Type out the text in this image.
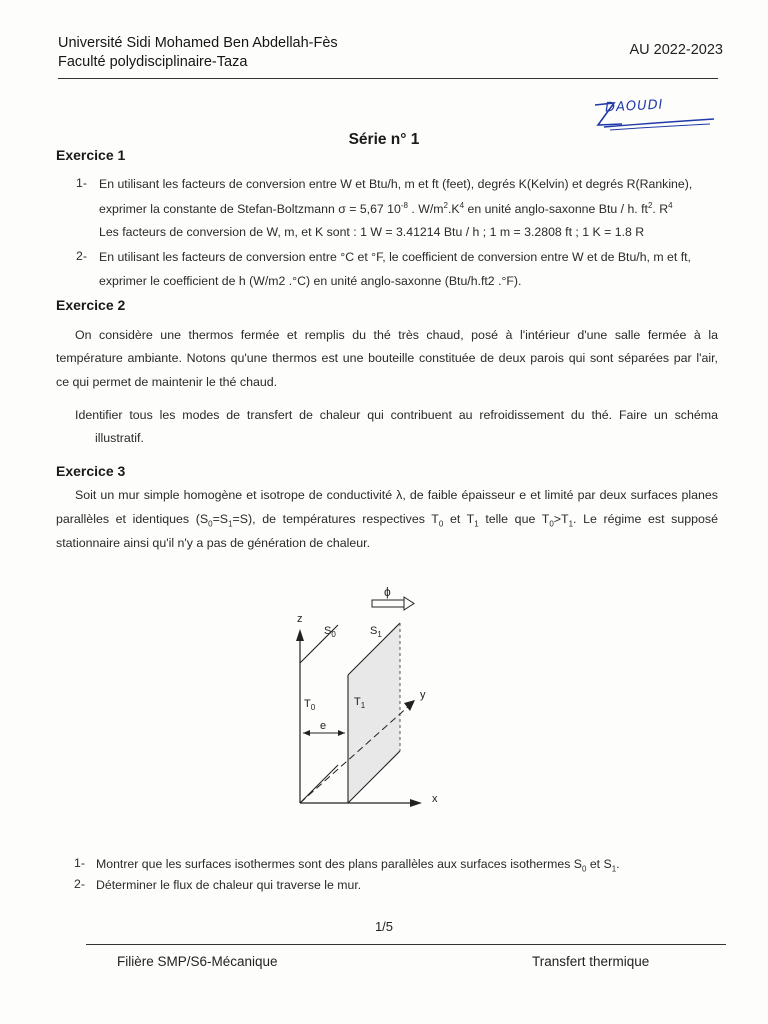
Université Sidi Mohamed Ben Abdellah-Fès
Faculté polydisciplinaire-Taza
AU 2022-2023
DAOUDI
Série n° 1
Exercice 1
1- En utilisant les facteurs de conversion entre W et Btu/h, m et ft (feet), degrés K(Kelvin) et degrés R(Rankine),
exprimer la constante de Stefan-Boltzmann σ = 5,67 $10^{-8}$ . $W/m^2.K^4$ en unité anglo-saxonne Btu / h. $ft^2$. $R^4$
Les facteurs de conversion de W, m, et K sont : 1 W = 3.41214 Btu / h ; 1 m = 3.2808 ft ; 1 K = 1.8 R
2- En utilisant les facteurs de conversion entre °C et °F, le coefficient de conversion entre W et de Btu/h, m et ft,
exprimer le coefficient de h (W/m2 .°C) en unité anglo-saxonne (Btu/h.ft2 .°F).
Exercice 2
On considère une thermos fermée et remplis du thé très chaud, posé à l'intérieur d'une salle fermée à la
température ambiante. Notons qu'une thermos est une bouteille constituée de deux parois qui sont séparées par l'air,
ce qui permet de maintenir le thé chaud.
Identifier tous les modes de transfert de chaleur qui contribuent au refroidissement du thé. Faire un schéma
illustratif.
Exercice 3
Soit un mur simple homogène et isotrope de conductivité λ, de faible épaisseur e et limité par deux surfaces planes
parallèles et identiques $(S_0=S_1=S)$, de températures respectives $T_0$ et $T_1$ telle que $T_0>T_1$. Le régime est supposé
stationnaire ainsi qu'il n'y a pas de génération de chaleur.
ϕ
z
x
y
$S_0$	$S_1$
$T_0$	$T_1$
e
1- Montrer que les surfaces isothermes sont des plans parallèles aux surfaces isothermes $S_0$ et $S_1$.
2- Déterminer le flux de chaleur qui traverse le mur.
1/5
Filière SMP/S6-Mécanique	Transfert thermique
